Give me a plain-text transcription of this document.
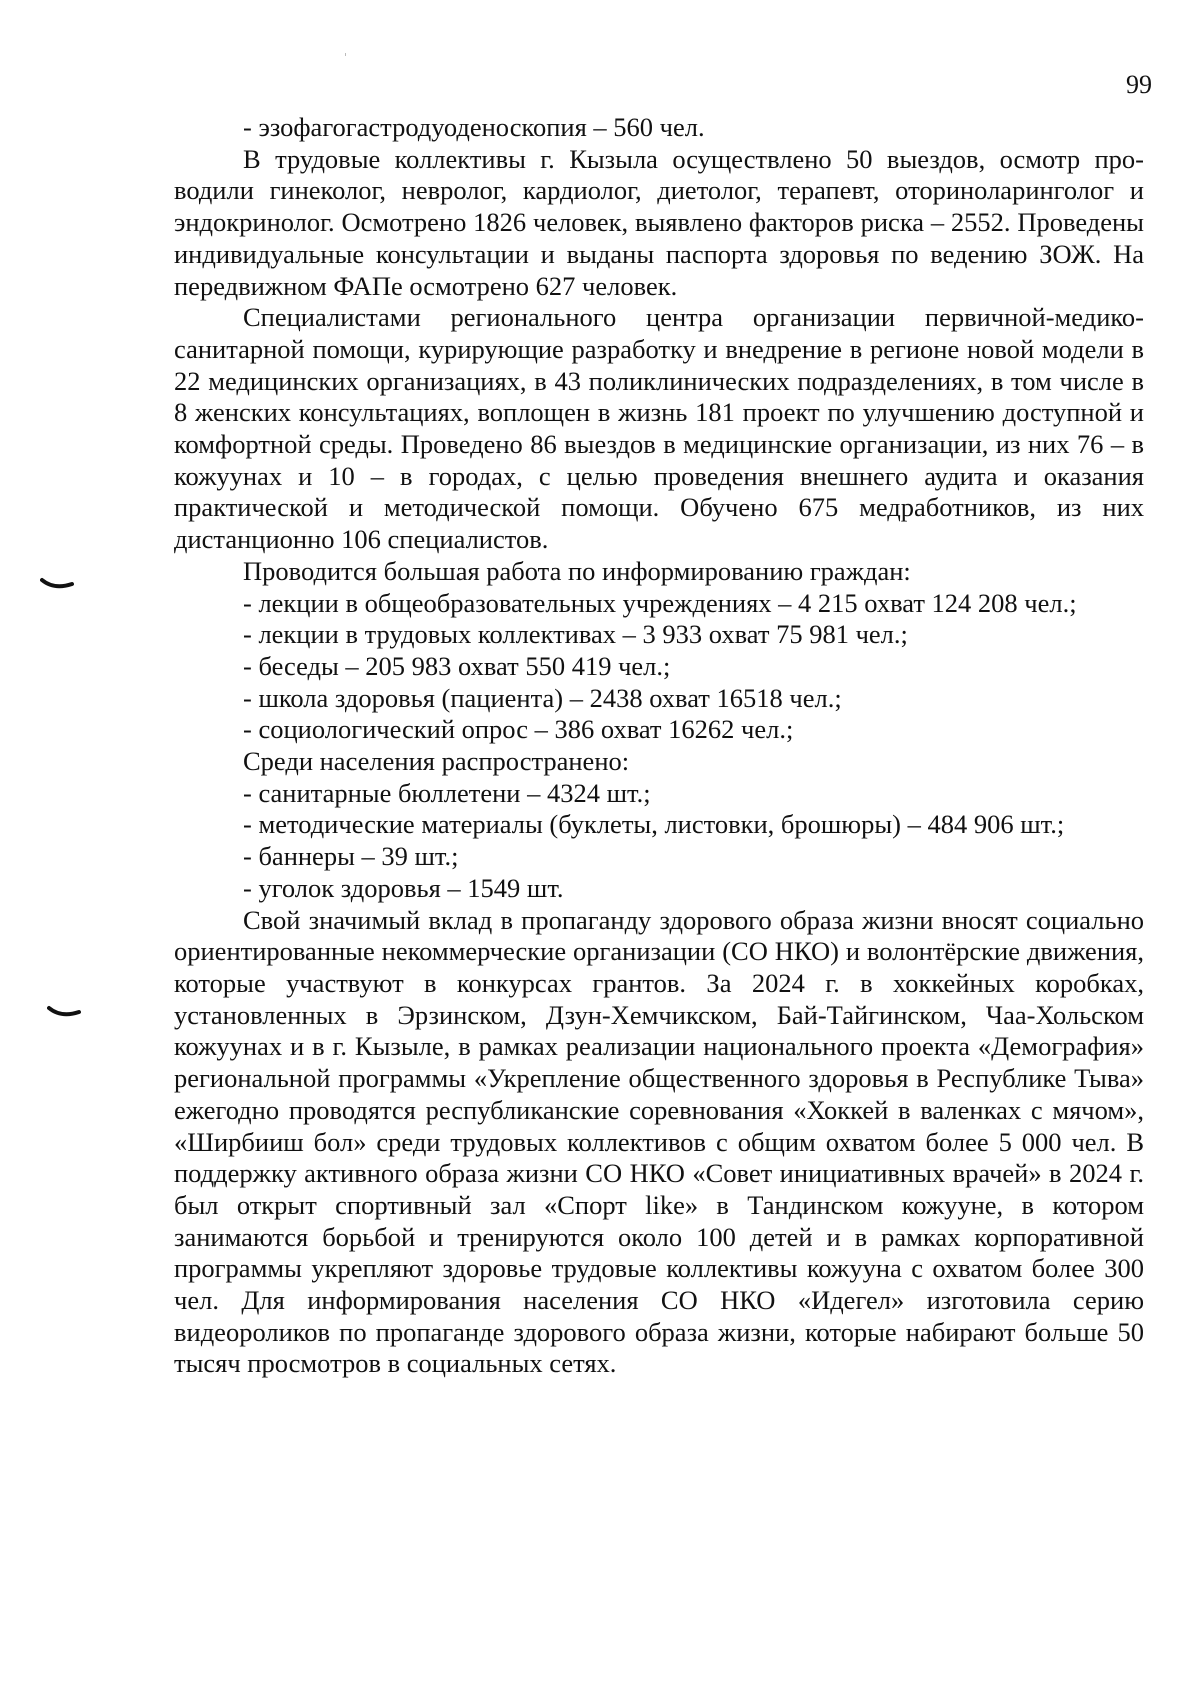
99

- эзофагогастродуоденоскопия – 560 чел.

В трудовые коллективы г. Кызыла осуществлено 50 выездов, осмотр проводили гинеколог, невролог, кардиолог, диетолог, терапевт, оториноларинголог и эндокринолог. Осмотрено 1826 человек, выявлено факторов риска – 2552. Проведены индивидуальные консультации и выданы паспорта здоровья по ведению ЗОЖ. На передвижном ФАПе осмотрено 627 человек.

Специалистами регионального центра организации первичной-медико-санитарной помощи, курирующие разработку и внедрение в регионе новой модели в 22 медицинских организациях, в 43 поликлинических подразделениях, в том числе в 8 женских консультациях, воплощен в жизнь 181 проект по улучшению доступной и комфортной среды. Проведено 86 выездов в медицинские организации, из них 76 – в кожуунах и 10 – в городах, с целью проведения внешнего аудита и оказания практической и методической помощи. Обучено 675 медработников, из них дистанционно 106 специалистов.

Проводится большая работа по информированию граждан:

- лекции в общеобразовательных учреждениях – 4 215 охват 124 208 чел.;

- лекции в трудовых коллективах – 3 933 охват 75 981 чел.;

- беседы – 205 983 охват 550 419 чел.;

- школа здоровья (пациента) – 2438 охват 16518 чел.;

- социологический опрос – 386 охват 16262 чел.;

Среди населения распространено:

- санитарные бюллетени – 4324 шт.;

- методические материалы (буклеты, листовки, брошюры) – 484 906 шт.;

- баннеры – 39 шт.;

- уголок здоровья – 1549 шт.

Свой значимый вклад в пропаганду здорового образа жизни вносят социально ориентированные некоммерческие организации (СО НКО) и волонтёрские движения, которые участвуют в конкурсах грантов. За 2024 г. в хоккейных коробках, установленных в Эрзинском, Дзун-Хемчикском, Бай-Тайгинском, Чаа-Хольском кожуунах и в г. Кызыле, в рамках реализации национального проекта «Демография» региональной программы «Укрепление общественного здоровья в Республике Тыва» ежегодно проводятся республиканские соревнования «Хоккей в валенках с мячом», «Ширбииш бол» среди трудовых коллективов с общим охватом более 5 000 чел. В поддержку активного образа жизни СО НКО «Совет инициативных врачей» в 2024 г. был открыт спортивный зал «Спорт like» в Тандинском кожууне, в котором занимаются борьбой и тренируются около 100 детей и в рамках корпоративной программы укрепляют здоровье трудовые коллективы кожууна с охватом более 300 чел. Для информирования населения СО НКО «Идегел» изготовила серию видеороликов по пропаганде здорового образа жизни, которые набирают больше 50 тысяч просмотров в социальных сетях.
